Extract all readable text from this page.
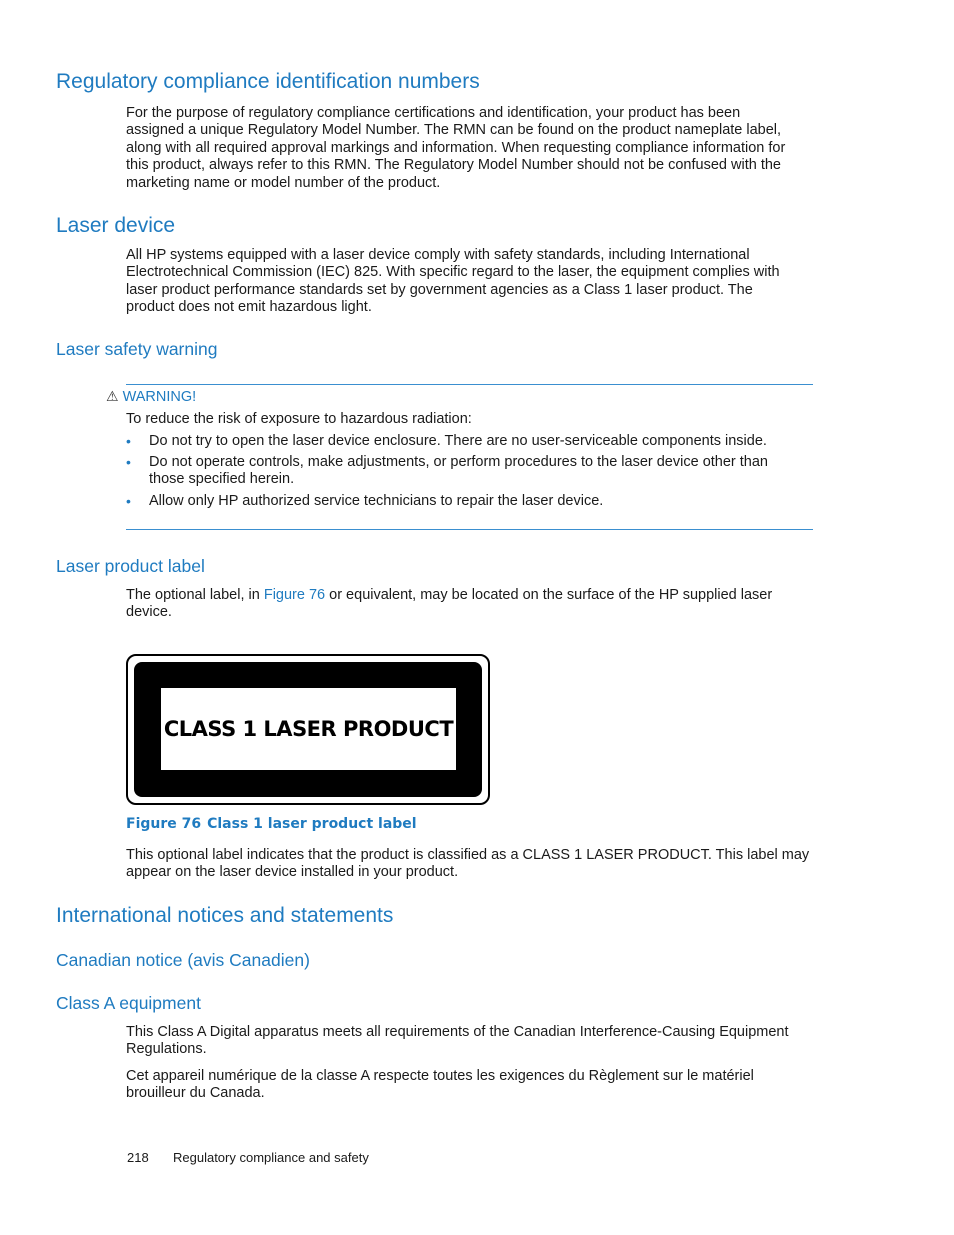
Regulatory compliance identification numbers
For the purpose of regulatory compliance certifications and identification, your product has been
assigned a unique Regulatory Model Number. The RMN can be found on the product nameplate label,
along with all required approval markings and information. When requesting compliance information for
this product, always refer to this RMN. The Regulatory Model Number should not be confused with the
marketing name or model number of the product.
Laser device
All HP systems equipped with a laser device comply with safety standards, including International
Electrotechnical Commission (IEC) 825. With specific regard to the laser, the equipment complies with
laser product performance standards set by government agencies as a Class 1 laser product. The
product does not emit hazardous light.
Laser safety warning
⚠ WARNING!
To reduce the risk of exposure to hazardous radiation:
• Do not try to open the laser device enclosure. There are no user-serviceable components inside.
• Do not operate controls, make adjustments, or perform procedures to the laser device other than
those specified herein.
• Allow only HP authorized service technicians to repair the laser device.
Laser product label
The optional label, in Figure 76 or equivalent, may be located on the surface of the HP supplied laser
device.
CLASS 1 LASER PRODUCT
Figure 76 Class 1 laser product label
This optional label indicates that the product is classified as a CLASS 1 LASER PRODUCT. This label may
appear on the laser device installed in your product.
International notices and statements
Canadian notice (avis Canadien)
Class A equipment
This Class A Digital apparatus meets all requirements of the Canadian Interference-Causing Equipment
Regulations.
Cet appareil numérique de la classe A respecte toutes les exigences du Règlement sur le matériel
brouilleur du Canada.
218 Regulatory compliance and safety
